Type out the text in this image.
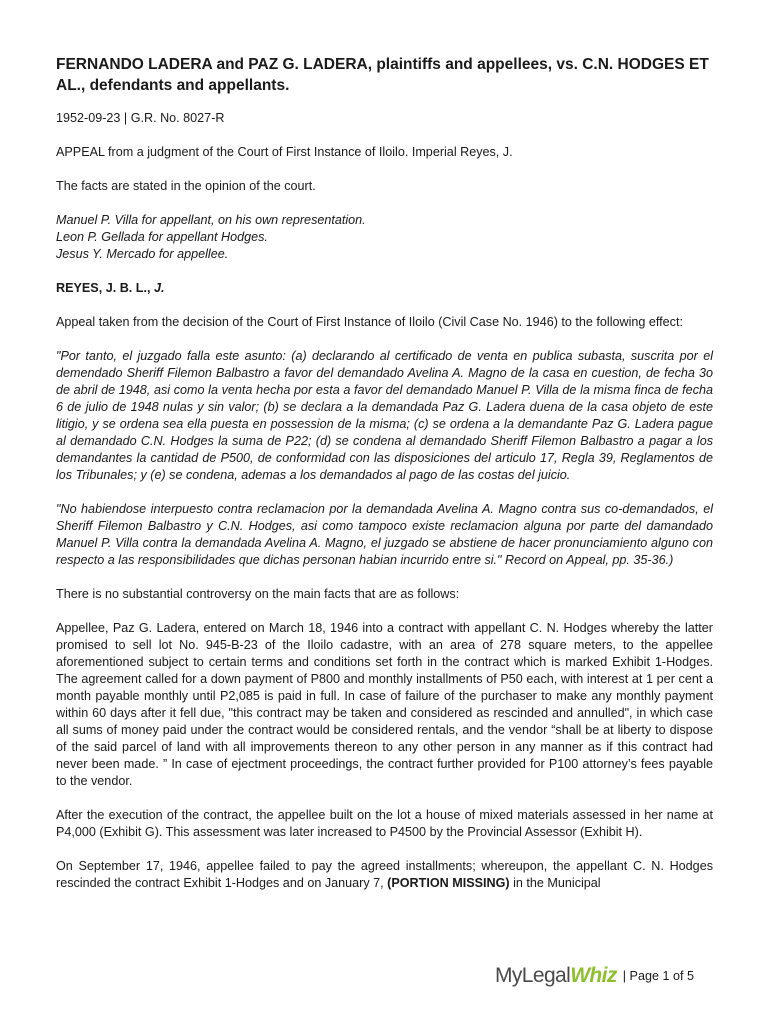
FERNANDO LADERA and PAZ G. LADERA, plaintiffs and appellees, vs. C.N. HODGES ET AL., defendants and appellants.

1952-09-23 | G.R. No. 8027-R

APPEAL from a judgment of the Court of First Instance of Iloilo. Imperial Reyes, J.

The facts are stated in the opinion of the court.

Manuel P. Villa for appellant, on his own representation.
Leon P. Gellada for appellant Hodges.
Jesus Y. Mercado for appellee.
REYES, J. B. L., J.

Appeal taken from the decision of the Court of First Instance of Iloilo (Civil Case No. 1946) to the following effect:

"Por tanto, el juzgado falla este asunto: (a) declarando al certificado de venta en publica subasta, suscrita por el demendado Sheriff Filemon Balbastro a favor del demandado Avelina A. Magno de la casa en cuestion, de fecha 3o de abril de 1948, asi como la venta hecha por esta a favor del demandado Manuel P. Villa de la misma finca de fecha 6 de julio de 1948 nulas y sin valor; (b) se declara a la demandada Paz G. Ladera duena de la casa objeto de este litigio, y se ordena sea ella puesta en possession de la misma; (c) se ordena a la demandante Paz G. Ladera pague al demandado C.N. Hodges la suma de P22; (d) se condena al demandado Sheriff Filemon Balbastro a pagar a los demandantes la cantidad de P500, de conformidad con las disposiciones del articulo 17, Regla 39, Reglamentos de los Tribunales; y (e) se condena, ademas a los demandados al pago de las costas del juicio.

"No habiendose interpuesto contra reclamacion por la demandada Avelina A. Magno contra sus co-demandados, el Sheriff Filemon Balbastro y C.N. Hodges, asi como tampoco existe reclamacion alguna por parte del damandado Manuel P. Villa contra la demandada Avelina A. Magno, el juzgado se abstiene de hacer pronunciamiento alguno con respecto a las responsibilidades que dichas personan habian incurrido entre si." Record on Appeal, pp. 35-36.)

There is no substantial controversy on the main facts that are as follows:

Appellee, Paz G. Ladera, entered on March 18, 1946 into a contract with appellant C. N. Hodges whereby the latter promised to sell lot No. 945-B-23 of the Iloilo cadastre, with an area of 278 square meters, to the appellee aforementioned subject to certain terms and conditions set forth in the contract which is marked Exhibit 1-Hodges. The agreement called for a down payment of P800 and monthly installments of P50 each, with interest at 1 per cent a month payable monthly until P2,085 is paid in full. In case of failure of the purchaser to make any monthly payment within 60 days after it fell due, "this contract may be taken and considered as rescinded and annulled", in which case all sums of money paid under the contract would be considered rentals, and the vendor “shall be at liberty to dispose of the said parcel of land with all improvements thereon to any other person in any manner as if this contract had never been made. ” In case of ejectment proceedings, the contract further provided for P100 attorney’s fees payable to the vendor.

After the execution of the contract, the appellee built on the lot a house of mixed materials assessed in her name at P4,000 (Exhibit G). This assessment was later increased to P4500 by the Provincial Assessor (Exhibit H).

On September 17, 1946, appellee failed to pay the agreed installments; whereupon, the appellant C. N. Hodges rescinded the contract Exhibit 1-Hodges and on January 7, (PORTION MISSING) in the Municipal

MyLegalWhiz | Page 1 of 5
